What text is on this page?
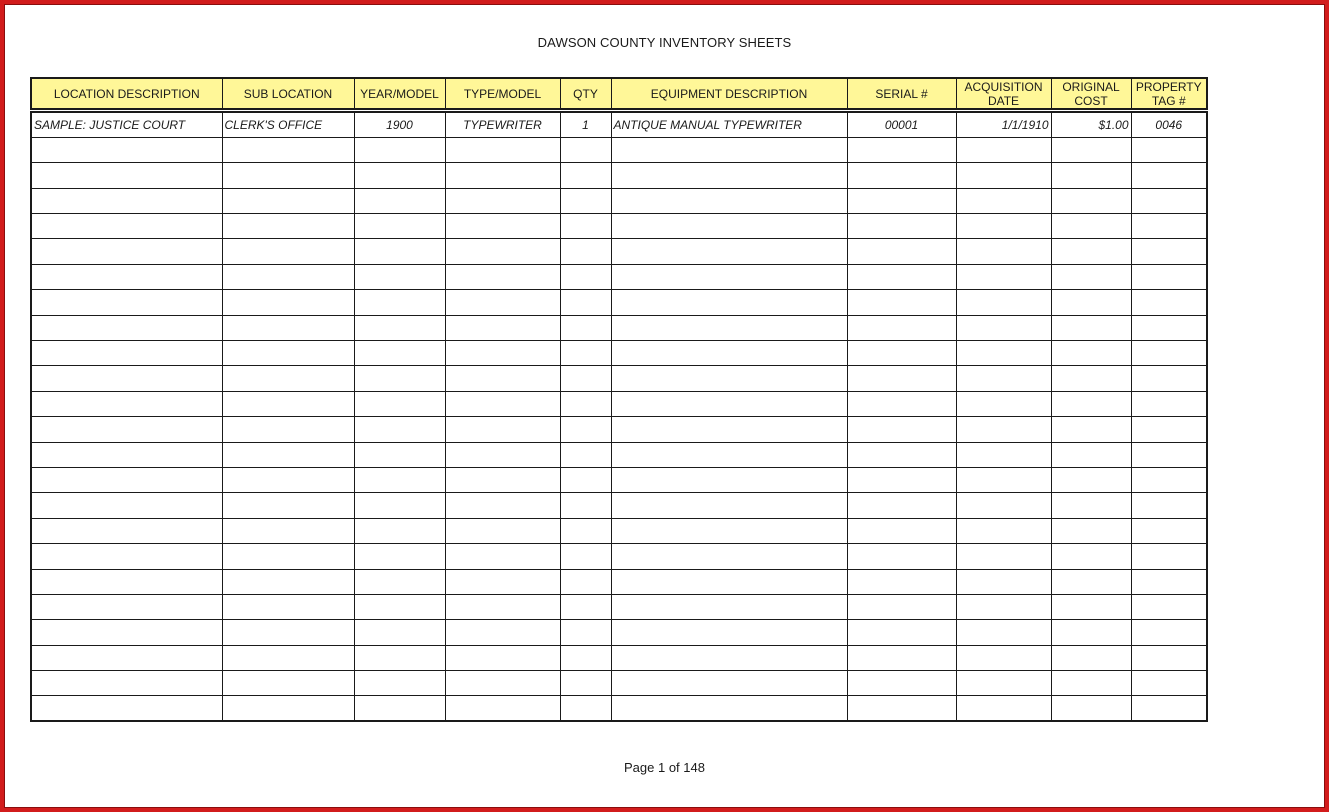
DAWSON COUNTY INVENTORY SHEETS
LOCATION DESCRIPTION	SUB LOCATION	YEAR/MODEL	TYPE/MODEL	QTY	EQUIPMENT DESCRIPTION	SERIAL #	ACQUISITION DATE	ORIGINAL COST	PROPERTY TAG #

SAMPLE: JUSTICE COURT	CLERK'S OFFICE	1900	TYPEWRITER	1	ANTIQUE MANUAL TYPEWRITER	00001	1/1/1910	$1.00	0046

Page 1 of 148
